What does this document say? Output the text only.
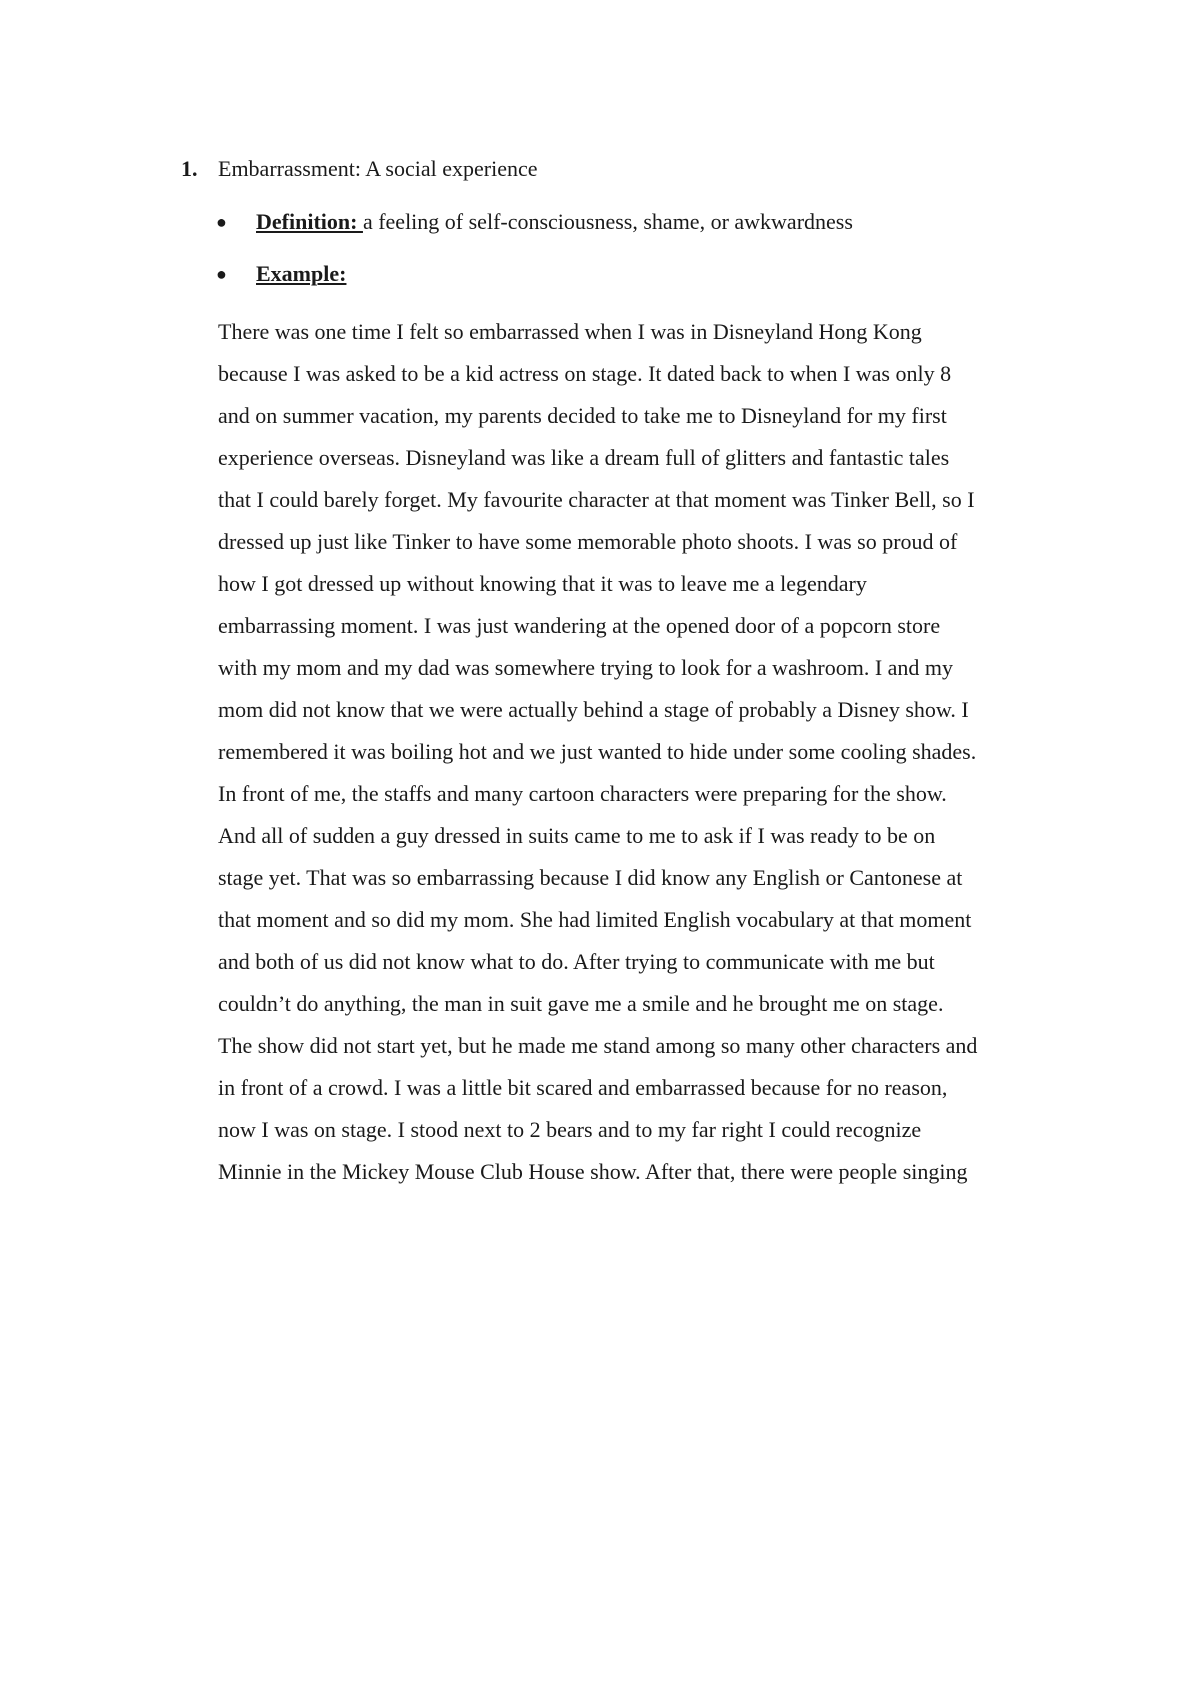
1. Embarrassment: A social experience
● Definition: a feeling of self-consciousness, shame, or awkwardness
● Example:
There was one time I felt so embarrassed when I was in Disneyland Hong Kong
because I was asked to be a kid actress on stage. It dated back to when I was only 8
and on summer vacation, my parents decided to take me to Disneyland for my first
experience overseas. Disneyland was like a dream full of glitters and fantastic tales
that I could barely forget. My favourite character at that moment was Tinker Bell, so I
dressed up just like Tinker to have some memorable photo shoots. I was so proud of
how I got dressed up without knowing that it was to leave me a legendary
embarrassing moment. I was just wandering at the opened door of a popcorn store
with my mom and my dad was somewhere trying to look for a washroom. I and my
mom did not know that we were actually behind a stage of probably a Disney show. I
remembered it was boiling hot and we just wanted to hide under some cooling shades.
In front of me, the staffs and many cartoon characters were preparing for the show.
And all of sudden a guy dressed in suits came to me to ask if I was ready to be on
stage yet. That was so embarrassing because I did know any English or Cantonese at
that moment and so did my mom. She had limited English vocabulary at that moment
and both of us did not know what to do. After trying to communicate with me but
couldn’t do anything, the man in suit gave me a smile and he brought me on stage.
The show did not start yet, but he made me stand among so many other characters and
in front of a crowd. I was a little bit scared and embarrassed because for no reason,
now I was on stage. I stood next to 2 bears and to my far right I could recognize
Minnie in the Mickey Mouse Club House show. After that, there were people singing
